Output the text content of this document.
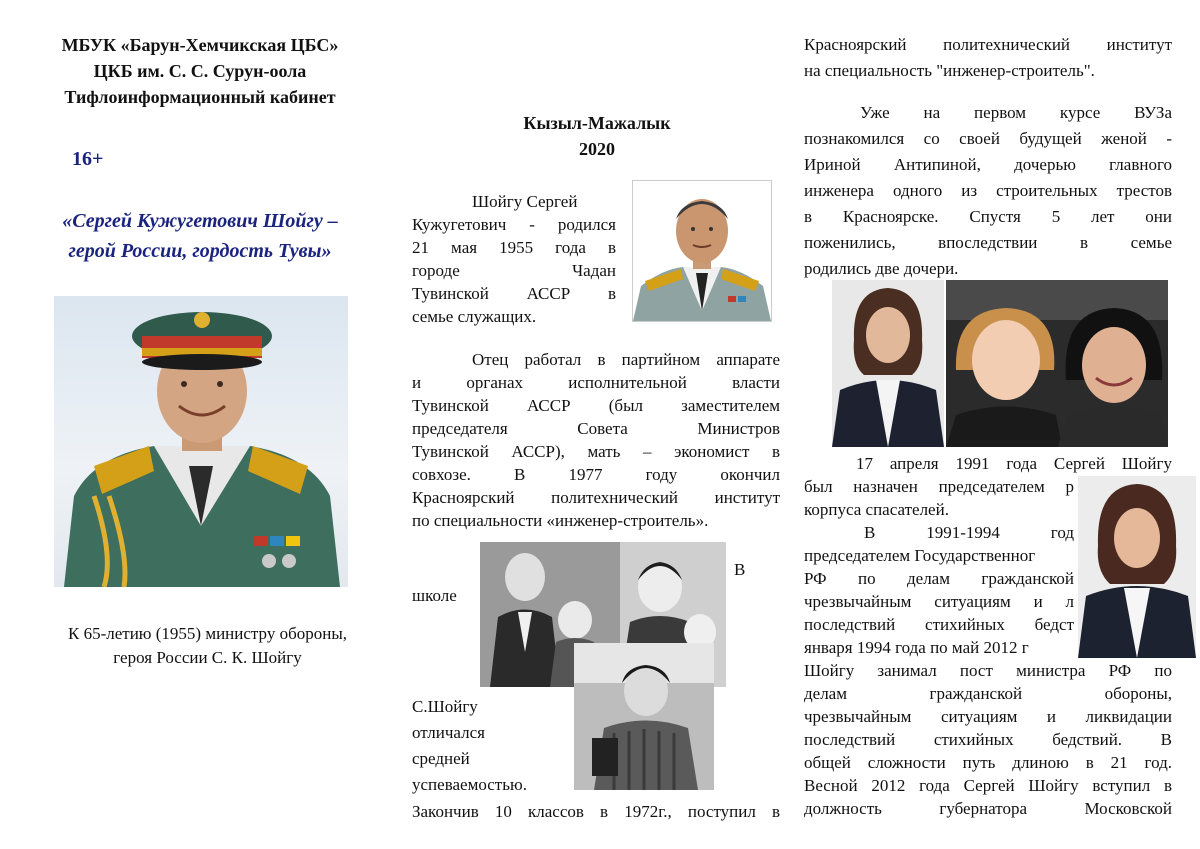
МБУК «Барун-Хемчикская ЦБС»
ЦКБ им. С. С. Сурун-оола
Тифлоинформационный кабинет
16+
«Сергей Кужугетович Шойгу –
герой России, гордость Тувы»
К 65-летию (1955) министру обороны,
героя России С. К. Шойгу
Кызыл-Мажалык
2020
Шойгу Сергей
Кужугетович - родился
21 мая 1955 года в
городе Чадан
Тувинской АССР в
семье служащих.
Отец работал в партийном аппарате
и органах исполнительной власти
Тувинской АССР (был заместителем
председателя Совета Министров
Тувинской АССР), мать – экономист в
совхозе. В 1977 году окончил
Красноярский политехнический институт
по специальности «инженер-строитель».
В
школе
С.Шойгу
отличался
средней
успеваемостью.
Закончив 10 классов в 1972г., поступил в
Красноярский политехнический институт
на специальность "инженер-строитель".
Уже на первом курсе ВУЗа
познакомился со своей будущей женой -
Ириной Антипиной, дочерью главного
инженера одного из строительных трестов
в Красноярске. Спустя 5 лет они
поженились, впоследствии в семье
родились две дочери.
17 апреля 1991 года Сергей Шойгу
был назначен председателем р
корпуса спасателей.
В 1991-1994 год
председателем Государственног
РФ по делам гражданской
чрезвычайным ситуациям и л
последствий стихийных бедст
января 1994 года по май 2012 г
Шойгу занимал пост министра РФ по
делам гражданской обороны,
чрезвычайным ситуациям и ликвидации
последствий стихийных бедствий. В
общей сложности путь длиною в 21 год.
Весной 2012 года Сергей Шойгу вступил в
должность губернатора Московской
